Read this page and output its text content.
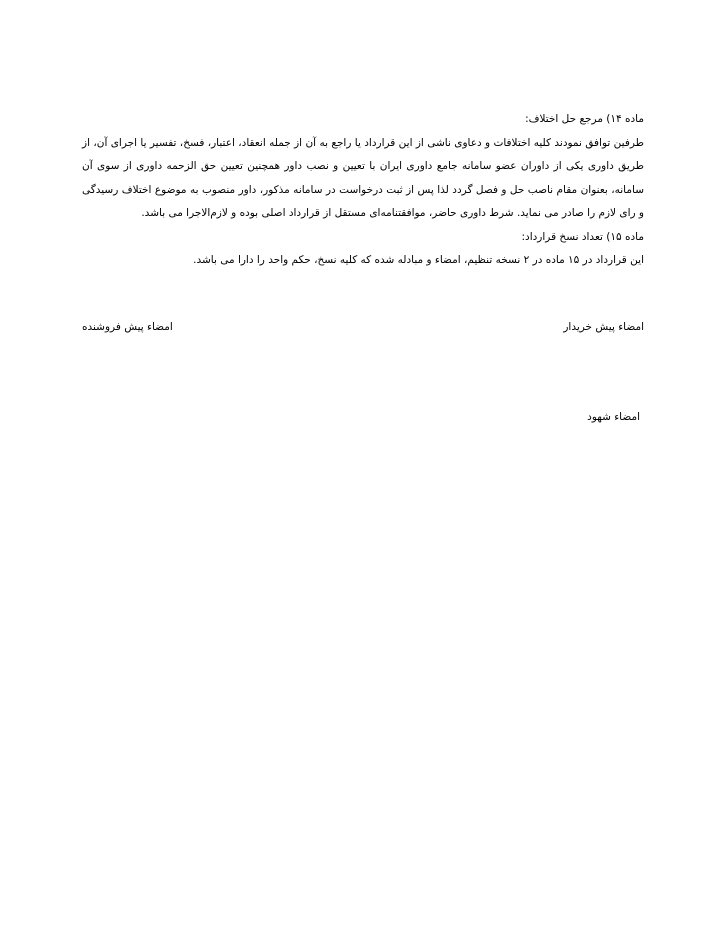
ماده ۱۴) مرجع حل اختلاف:

طرفین توافق نمودند کلیه اختلافات و دعاوی ناشی از این قرارداد یا راجع به آن از جمله انعقاد، اعتبار، فسخ، تفسیر یا اجرای آن، از طریق داوری یکی از داوران عضو سامانه جامع داوری ایران با تعیین و نصب داور همچنین تعیین حق الزحمه داوری از سوی آن سامانه، بعنوان مقام ناصب حل و فصل گردد لذا پس از ثبت درخواست در سامانه مذکور، داور منصوب به موضوع اختلاف رسیدگی و رای لازم را صادر می نماید. شرط داوری حاضر، موافقتنامه‌ای مستقل از قرارداد اصلی بوده و لازم‌الاجرا می باشد.

ماده ۱۵) تعداد نسخ قرارداد:

این قرارداد در ۱۵ ماده در ۲ نسخه تنظیم، امضاء و مبادله شده که کلیه نسخ، حکم واحد را دارا می باشد.

امضاء پیش خریدار
امضاء پیش فروشنده
امضاء شهود
